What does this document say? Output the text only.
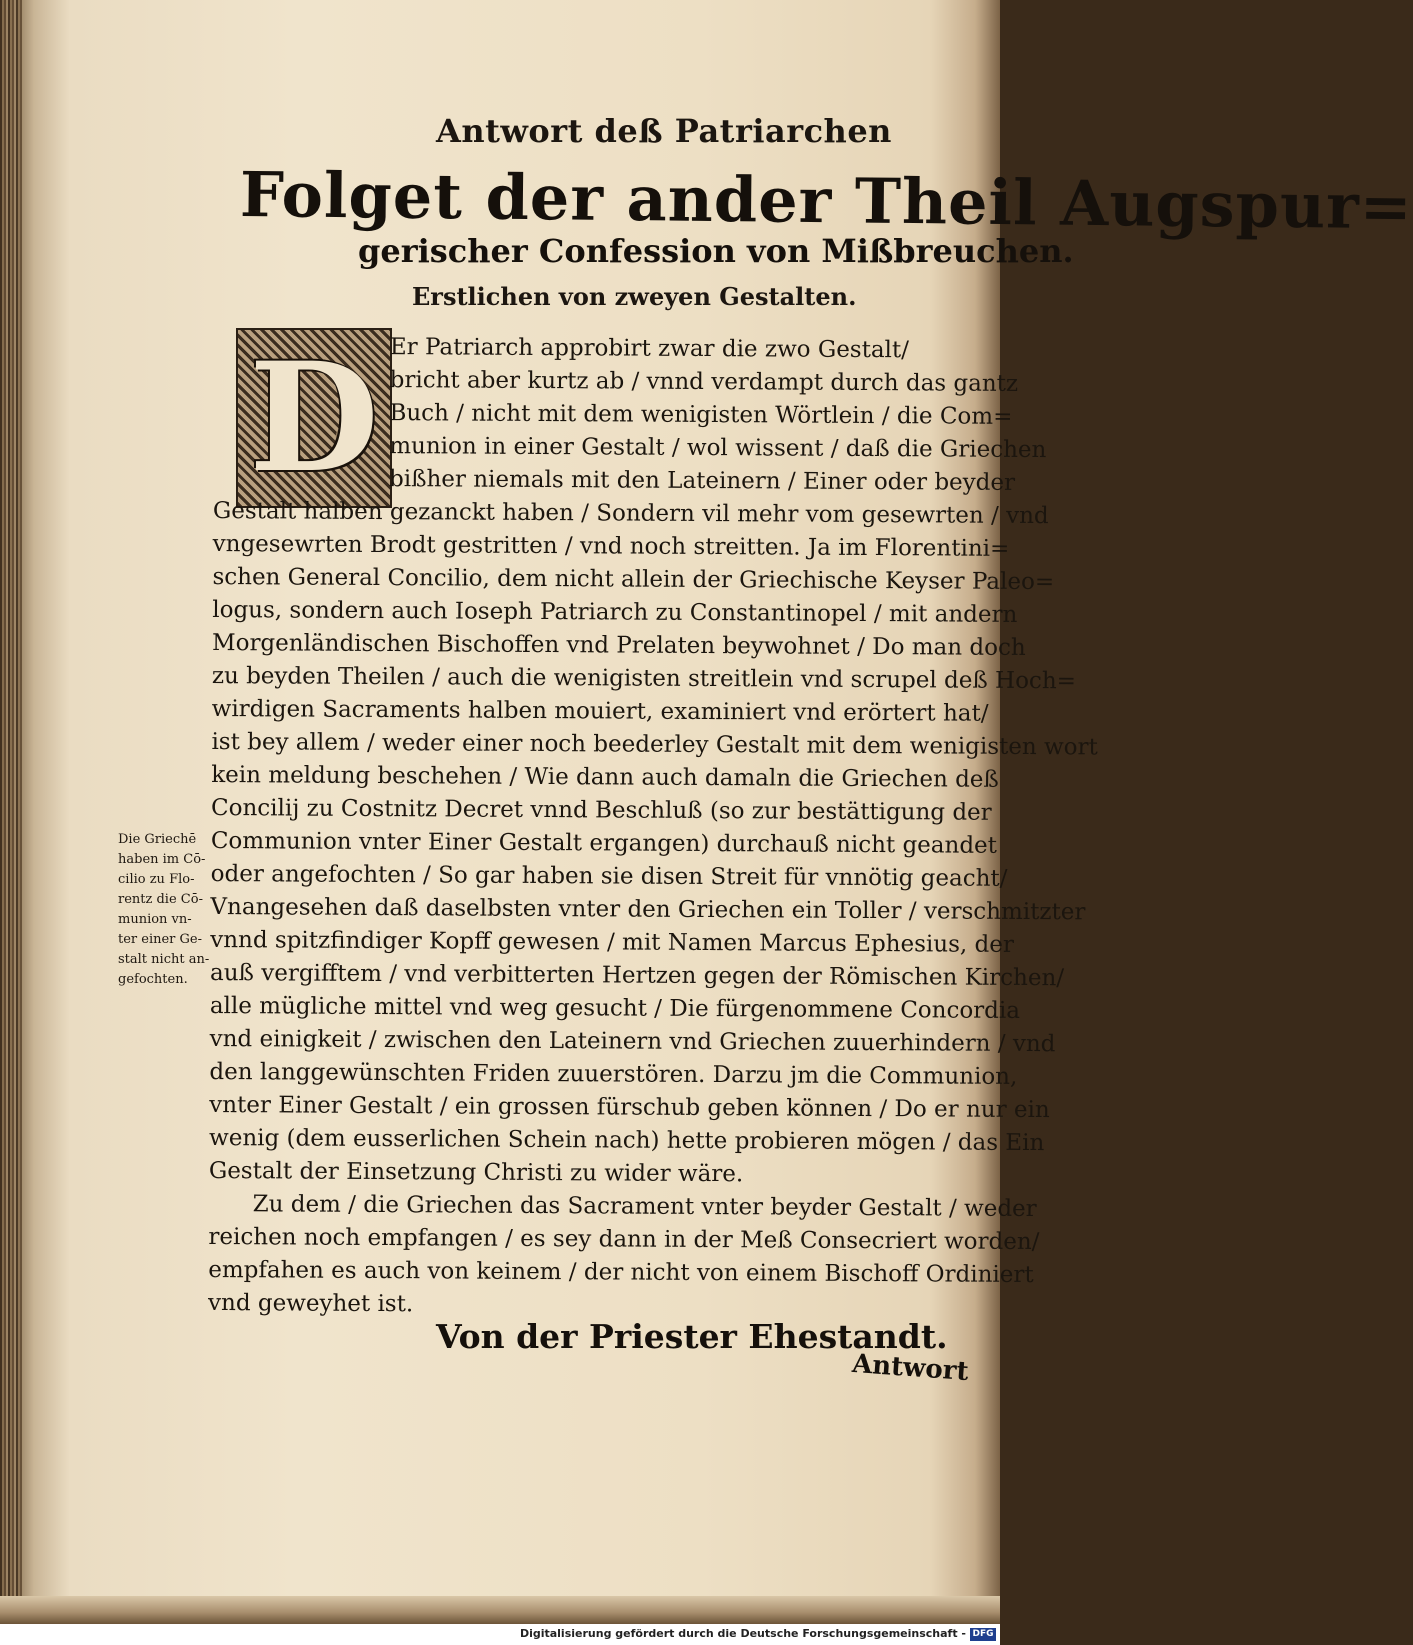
Antwort deß Patriarchen
Folget der ander Theil Augspur=
gerischer Confession von Mißbreuchen.
Erstlichen von zweyen Gestalten.
D Er Patriarch approbirt zwar die zwo Gestalt/
bricht aber kurtz ab / vnnd verdampt durch das gantz
Buch / nicht mit dem wenigisten Wörtlein / die Com=
munion in einer Gestalt / wol wissent / daß die Griechen
bißher niemals mit den Lateinern / Einer oder beyder
Gestalt halben gezanckt haben / Sondern vil mehr vom gesewrten / vnd
vngesewrten Brodt gestritten / vnd noch streitten. Ja im Florentini=
schen General Concilio, dem nicht allein der Griechische Keyser Paleo=
logus, sondern auch Ioseph Patriarch zu Constantinopel / mit andern
Morgenländischen Bischoffen vnd Prelaten beywohnet / Do man doch
zu beyden Theilen / auch die wenigisten streitlein vnd scrupel deß Hoch=
wirdigen Sacraments halben mouiert, examiniert vnd erörtert hat/
ist bey allem / weder einer noch beederley Gestalt mit dem wenigisten wort
kein meldung beschehen / Wie dann auch damaln die Griechen deß
Concilij zu Costnitz Decret vnnd Beschluß (so zur bestättigung der
Communion vnter Einer Gestalt ergangen) durchauß nicht geandet
oder angefochten / So gar haben sie disen Streit für vnnötig geacht/
Vnangesehen daß daselbsten vnter den Griechen ein Toller / verschmitzter
vnnd spitzfindiger Kopff gewesen / mit Namen Marcus Ephesius, der
auß vergifftem / vnd verbitterten Hertzen gegen der Römischen Kirchen/
alle mügliche mittel vnd weg gesucht / Die fürgenommene Concordia
vnd einigkeit / zwischen den Lateinern vnd Griechen zuuerhindern / vnd
den langgewünschten Friden zuuerstören. Darzu jm die Communion,
vnter Einer Gestalt / ein grossen fürschub geben können / Do er nur ein
wenig (dem eusserlichen Schein nach) hette probieren mögen / das Ein
Gestalt der Einsetzung Christi zu wider wäre.
Zu dem / die Griechen das Sacrament vnter beyder Gestalt / weder
reichen noch empfangen / es sey dann in der Meß Consecriert worden/
empfahen es auch von keinem / der nicht von einem Bischoff Ordiniert
vnd geweyhet ist.
Die Griechē
haben im Cō-
cilio zu Flo-
rentz die Cō-
munion vn-
ter einer Ge-
stalt nicht an-
gefochten.
Von der Priester Ehestandt.
Antwort
Digitalisierung gefördert durch die Deutsche Forschungsgemeinschaft - DFG
